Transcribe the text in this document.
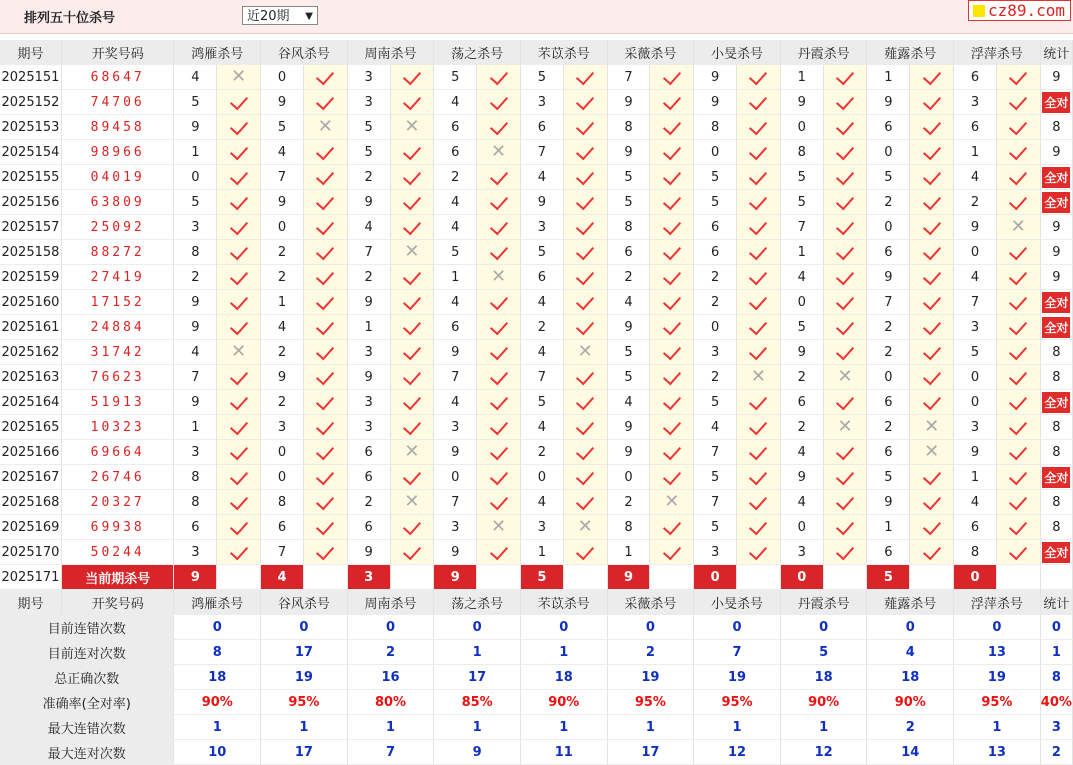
排列五十位杀号	近20期 ▼	cz89.com
期号	开奖号码	鸿雁杀号		谷风杀号		周南杀号		荡之杀号		芣苡杀号		采薇杀号		小旻杀号		丹霞杀号		薤露杀号		浮萍杀号		统计
2025151	68647	4	✕	0		3		5		5		7		9		1		1		6		9
2025152	74706	5		9		3		4		3		9		9		9		9		3		全对
2025153	89458	9		5	✕	5	✕	6		6		8		8		0		6		6		8
2025154	98966	1		4		5		6	✕	7		9		0		8		0		1		9
2025155	04019	0		7		2		2		4		5		5		5		5		4		全对
2025156	63809	5		9		9		4		9		5		5		5		2		2		全对
2025157	25092	3		0		4		4		3		8		6		7		0		9	✕	9
2025158	88272	8		2		7	✕	5		5		6		6		1		6		0		9
2025159	27419	2		2		2		1	✕	6		2		2		4		9		4		9
2025160	17152	9		1		9		4		4		4		2		0		7		7		全对
2025161	24884	9		4		1		6		2		9		0		5		2		3		全对
2025162	31742	4	✕	2		3		9		4	✕	5		3		9		2		5		8
2025163	76623	7		9		9		7		7		5		2	✕	2	✕	0		0		8
2025164	51913	9		2		3		4		5		4		5		6		6		0		全对
2025165	10323	1		3		3		3		4		9		4		2	✕	2	✕	3		8
2025166	69664	3		0		6	✕	9		2		9		7		4		6	✕	9		8
2025167	26746	8		0		6		0		0		0		5		9		5		1		全对
2025168	20327	8		8		2	✕	7		4		2	✕	7		4		9		4		8
2025169	69938	6		6		6		3	✕	3	✕	8		5		0		1		6		8
2025170	50244	3		7		9		9		1		1		3		3		6		8		全对
2025171	当前期杀号	9		4		3		9		5		9		0		0		5		0		
期号	开奖号码	鸿雁杀号		谷风杀号		周南杀号		荡之杀号		芣苡杀号		采薇杀号		小旻杀号		丹霞杀号		薤露杀号		浮萍杀号		统计
目前连错次数		0		0		0		0		0		0		0		0		0		0		0
目前连对次数		8		17		2		1		1		2		7		5		4		13		1
总正确次数		18		19		16		17		18		19		19		18		18		19		8
准确率(全对率)		90%		95%		80%		85%		90%		95%		95%		90%		90%		95%		40%
最大连错次数		1		1		1		1		1		1		1		1		2		1		3
最大连对次数		10		17		7		9		11		17		12		12		14		13		2
